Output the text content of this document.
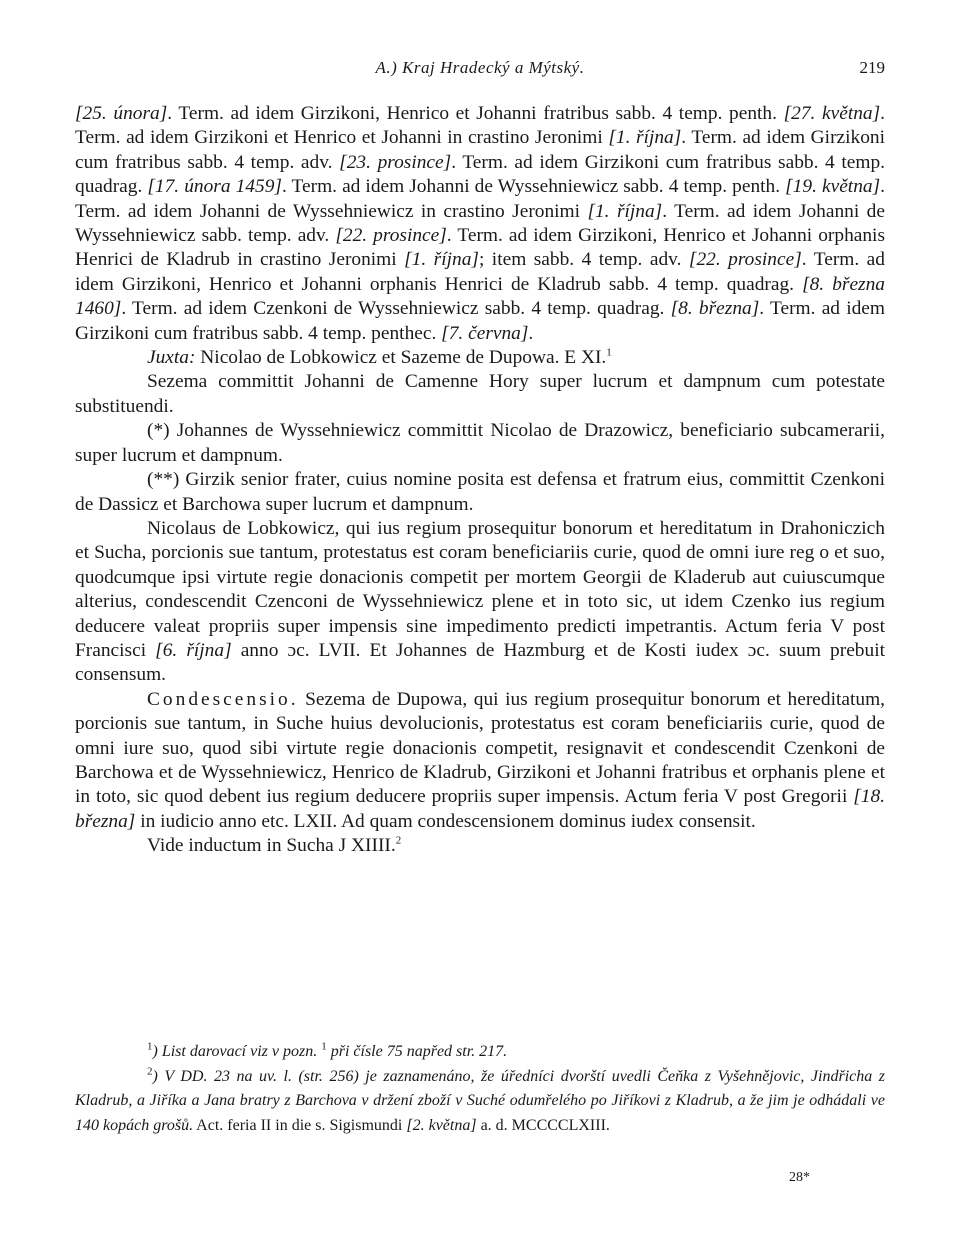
A.) Kraj Hradecký a Mýtský.	219

[25. února]. Term. ad idem Girzikoni, Henrico et Johanni fratribus sabb. 4 temp. penth. [27. května]. Term. ad idem Girzikoni et Henrico et Johanni in crastino Jeronimi [1. října]. Term. ad idem Girzikoni cum fratribus sabb. 4 temp. adv. [23. prosince]. Term. ad idem Girzikoni cum fratribus sabb. 4 temp. quadrag. [17. února 1459]. Term. ad idem Johanni de Wyssehniewicz sabb. 4 temp. penth. [19. května]. Term. ad idem Johanni de Wyssehniewicz in crastino Jeronimi [1. října]. Term. ad idem Johanni de Wyssehniewicz sabb. temp. adv. [22. prosince]. Term. ad idem Girzikoni, Henrico et Johanni orphanis Henrici de Kladrub in crastino Jeronimi [1. října]; item sabb. 4 temp. adv. [22. prosince]. Term. ad idem Girzikoni, Henrico et Johanni orphanis Henrici de Kladrub sabb. 4 temp. quadrag. [8. března 1460]. Term. ad idem Czenkoni de Wyssehniewicz sabb. 4 temp. quadrag. [8. března]. Term. ad idem Girzikoni cum fratribus sabb. 4 temp. penthec. [7. června].

Juxta: Nicolao de Lobkowicz et Sazeme de Dupowa. E XI.$^1$

Sezema committit Johanni de Camenne Hory super lucrum et dampnum cum potestate substituendi.

(*) Johannes de Wyssehniewicz committit Nicolao de Drazowicz, beneficiario subcamerarii, super lucrum et dampnum.

(**) Girzik senior frater, cuius nomine posita est defensa et fratrum eius, committit Czenkoni de Dassicz et Barchowa super lucrum et dampnum.

Nicolaus de Lobkowicz, qui ius regium prosequitur bonorum et hereditatum in Drahoniczich et Sucha, porcionis sue tantum, protestatus est coram beneficiariis curie, quod de omni iure reg o et suo, quodcumque ipsi virtute regie donacionis competit per mortem Georgii de Kladerub aut cuiuscumque alterius, condescendit Czenconi de Wyssehniewicz plene et in toto sic, ut idem Czenko ius regium deducere valeat propriis super impensis sine impedimento predicti impetrantis. Actum feria V post Francisci [6. října] anno ɔc. LVII. Et Johannes de Hazmburg et de Kosti iudex ɔc. suum prebuit consensum.

Condescensio. Sezema de Dupowa, qui ius regium prosequitur bonorum et hereditatum, porcionis sue tantum, in Suche huius devolucionis, protestatus est coram beneficiariis curie, quod de omni iure suo, quod sibi virtute regie donacionis competit, resignavit et condescendit Czenkoni de Barchowa et de Wyssehniewicz, Henrico de Kladrub, Girzikoni et Johanni fratribus et orphanis plene et in toto, sic quod debent ius regium deducere propriis super impensis. Actum feria V post Gregorii [18. března] in iudicio anno etc. LXII. Ad quam condescensionem dominus iudex consensit.

Vide inductum in Sucha J XIIII.$^2$

$^1$) List darovací viz v pozn. $^1$ při čísle 75 napřed str. 217.

$^2$) V DD. 23 na uv. l. (str. 256) je zaznamenáno, že úředníci dvorští uvedli Čeňka z Vyšehnějovic, Jindřicha z Kladrub, a Jiříka a Jana bratry z Barchova v držení zboží v Suché odumřelého po Jiříkovi z Kladrub, a že jim je odhádali ve 140 kopách grošů. Act. feria II in die s. Sigismundi [2. května] a. d. MCCCCLXIII.

28*
